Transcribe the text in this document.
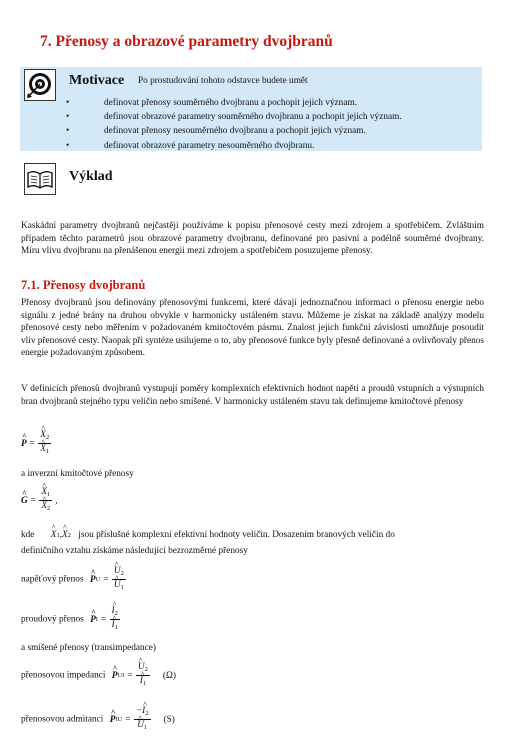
7. Přenosy a obrazové parametry dvojbranů
Motivace Po prostudování tohoto odstavce budete umět
•	definovat přenosy souměrného dvojbranu a pochopit jejich význam.
•	definovat obrazové parametry souměrného dvojbranu a pochopit jejich význam.
•	definovat přenosy nesouměrného dvojbranu a pochopit jejich význam.
•	definovat obrazové parametry nesouměrného dvojbranu.
Výklad
Kaskádní parametry dvojbranů nejčastěji používáme k popisu přenosové cesty mezi zdrojem a spotřebičem. Zvláštním případem těchto parametrů jsou obrazové parametry dvojbranu, definované pro pasivní a podélně souměrné dvojbrany. Míru vlivu dvojbranu na přenášenou energii mezi zdrojem a spotřebičem posuzujeme přenosy.
7.1. Přenosy dvojbranů
Přenosy dvojbranů jsou definovány přenosovými funkcemi, které dávají jednoznačnou informaci o přenosu energie nebo signálu z jedné brány na druhou obvykle v harmonicky ustáleném stavu. Můžeme je získat na základě analýzy modelu přenosové cesty nebo měřením v požadovaném kmitočtovém pásmu. Znalost jejich funkční závislosti umožňuje posoudit vliv přenosové cesty. Naopak při syntéze usilujeme o to, aby přenosové funkce byly přesně definované a ovlivňovaly přenos energie požadovaným způsobem.
V definicích přenosů dvojbranů vystupují poměry komplexních efektivních hodnot napětí a proudů vstupních a výstupních bran dvojbranů stejného typu veličin nebo smíšené. V harmonicky ustáleném stavu tak definujeme kmitočtové přenosy
^ P = ^ $X_2$
^ $X_1$
a inverzní kmitočtové přenosy
^ G = ^ $X_1$
^ $X_2$ ,
kde ^ X 1 , ^ X 2 jsou příslušné komplexní efektivní hodnoty veličin. Dosazením branových veličin do
definičního vztahu získáme následující bezrozměrné přenosy
napěťový přenos ^ P U = ^ $U_2$
^ $U_1$
proudový přenos ^ P I = ^ $I_2$
^ $I_1$
a smíšené přenosy (transimpedance)
přenosovou impedanci ^ P UI = ^ $U_2$
^ $I_1$ (Ω)
přenosovou admitanci ^ P IU = −^ $I_2$
^ $U_1$ (S)
